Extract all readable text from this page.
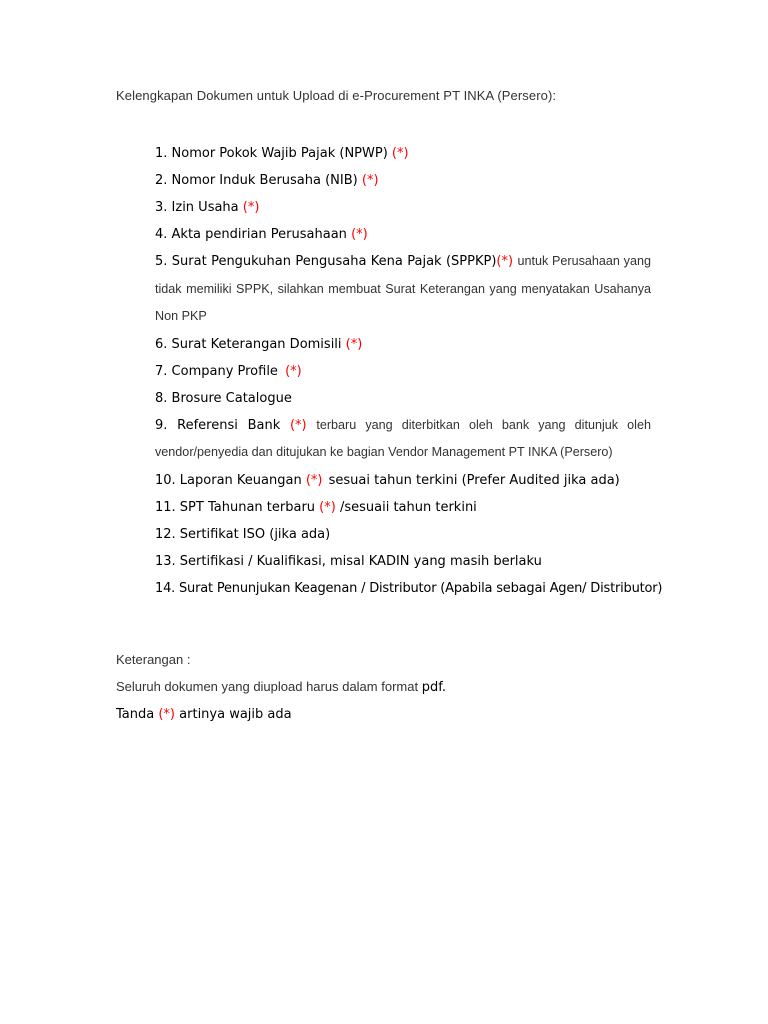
Kelengkapan Dokumen untuk Upload di e-Procurement PT INKA (Persero):
1. Nomor Pokok Wajib Pajak (NPWP) (*)
2. Nomor Induk Berusaha (NIB) (*)
3. Izin Usaha (*)
4. Akta pendirian Perusahaan (*)
5. Surat Pengukuhan Pengusaha Kena Pajak (SPPKP)(*) untuk Perusahaan yang tidak memiliki SPPK, silahkan membuat Surat Keterangan yang menyatakan Usahanya Non PKP
6. Surat Keterangan Domisili (*)
7. Company Profile (*)
8. Brosure Catalogue
9. Referensi Bank (*) terbaru yang diterbitkan oleh bank yang ditunjuk oleh vendor/penyedia dan ditujukan ke bagian Vendor Management PT INKA (Persero)
10. Laporan Keuangan (*) sesuai tahun terkini (Prefer Audited jika ada)
11. SPT Tahunan terbaru (*) /sesuaii tahun terkini
12. Sertifikat ISO (jika ada)
13. Sertifikasi / Kualifikasi, misal KADIN yang masih berlaku
14. Surat Penunjukan Keagenan / Distributor (Apabila sebagai Agen/ Distributor)
Keterangan :
Seluruh dokumen yang diupload harus dalam format pdf.
Tanda (*) artinya wajib ada
